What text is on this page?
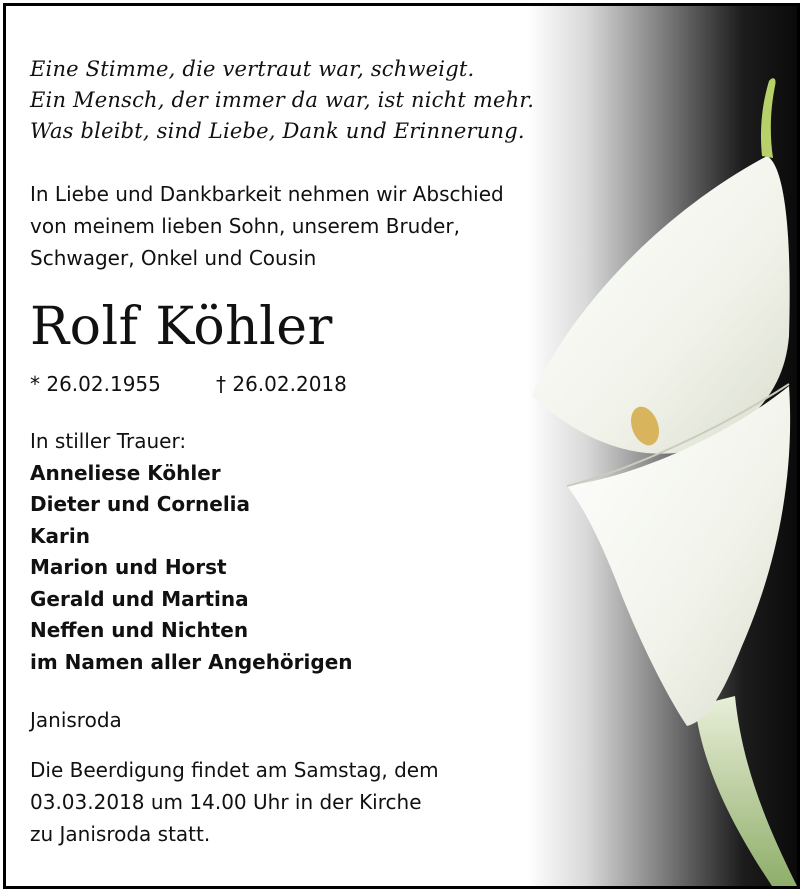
Eine Stimme, die vertraut war, schweigt.
Ein Mensch, der immer da war, ist nicht mehr.
Was bleibt, sind Liebe, Dank und Erinnerung.
In Liebe und Dankbarkeit nehmen wir Abschied
von meinem lieben Sohn, unserem Bruder,
Schwager, Onkel und Cousin
Rolf Köhler
* 26.02.1955	† 26.02.2018
In stiller Trauer:
Anneliese Köhler
Dieter und Cornelia
Karin
Marion und Horst
Gerald und Martina
Neffen und Nichten
im Namen aller Angehörigen
Janisroda
Die Beerdigung findet am Samstag, dem
03.03.2018 um 14.00 Uhr in der Kirche
zu Janisroda statt.
